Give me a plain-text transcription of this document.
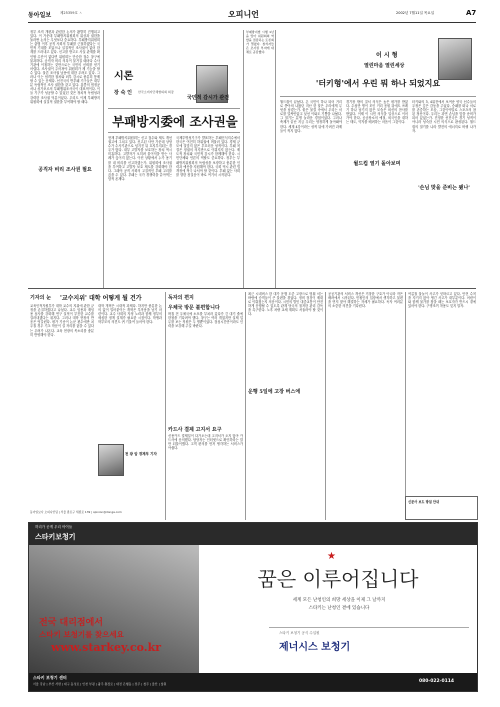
동아일보	제25359호 ㅅ	오피니언	2002년 7월11일 목요일	A7
정부 조직 개편과 관련한 논의가 활발히 진행되고 있다. 이 가운데 부패방지위원회의 위상과 권한을 둘러싼 논의는 무엇보다 중요하다. 부패방지위원회는 출범 이후 공직 사회의 부패를 근절하겠다는 국민적 기대를 모았으나 실질적인 조사권이 없어 한계를 드러내고 있다. 신고를 받고도 사실 관계를 확인할 수단이 없다면 위원회는 단순한 접수 창구에 불과하다. 공직자 비리 의혹이 불거질 때마다 수사기관에 이첩하는 것만으로는 국민의 신뢰를 얻기 어렵다. 조사권이 주어져야 위원회가 제 기능을 할 수 있다. 물론 조사권 남용에 대한 우려도 있다. 그러나 이는 엄격한 절차와 외부 감시로 충분히 통제할 수 있는 문제다. 선진국의 반부패 기구들은 대부분 독립적인 조사 권한을 갖고 있다. 홍콩의 염정공서나 싱가포르의 부패행위조사국이 대표적이다. 이들 기구가 성공할 수 있었던 것은 정치적 독립성과 강력한 조사권 덕분이었다. 우리도 이제 부패방지위원회에 실질적 권한을 부여해야 할 때다.
공직자 비리 조사권 필요
시론
장 숙 인 한국소비자단체협의회 회장
부패방지委에 조사권을
현재 부패방지위원회는 신고 접수와 제도 개선 권고에 그치고 있다. 신고된 사안 가운데 상당수가 수사기관으로 넘겨진 뒤 흐지부지되는 경우가 많다. 내부 고발자를 보호하는 장치 역시 미흡하다. 고발자가 오히려 불이익을 받는 사례가 끊이지 않는다. 이런 상황에서 누가 용기를 내 비리를 신고하겠는가. 위원회에 조사권을 부여하고 고발자 보호 제도를 강화해야 한다. 그래야 공직 사회의 고질적인 부패 고리를 끊을 수 있다. 부패는 국가 경쟁력을 갉아먹는 암적 존재다.
국제투명성기구가 발표하는 부패인식지수에서 한국은 여전히 하위권에 머물러 있다. 경제 규모에 걸맞지 않은 부끄러운 성적이다. 부패 척결은 정권의 의지만으로 이뤄지지 않는다. 제도적 장치와 국민적 감시가 함께해야 한다. 시민단체와 언론의 역할도 중요하다. 정부는 부패방지위원회의 독립성을 보장하고 충분한 인력과 예산을 지원해야 한다. 국회 역시 관련 법 개정에 적극 나서야 할 것이다. 부패 없는 사회를 향한 첫걸음이 바로 여기서 시작된다.
국민적 감시가 관건
부패방지법 시행 1년을 맞아 위원회의 역할을 점검하는 토론회가 열렸다. 참석자들은 조사권 부여에 대체로 공감했다.	이 시 형
열린마음 열린세상
'터키형'에서 우린 뭐 하나 되었지요
월드컵이 끝났다. 온 국민이 하나 되어 거리로 쏟아져 나왔던 지난 한 달은 우리에게 무엇을 남겼는가. 붉은 물결 속에서 우리는 서로를 얼싸안았고 낯선 이와도 기쁨을 나눴다. 그 열기는 분명 놀라운 경험이었다. 그러나 축제가 끝난 지금 우리는 냉정하게 돌아봐야 한다. 세계 4강이라는 성적 뒤에 가려진 과제들이 적지 않다.
월드컵 열기 돌아보며
경기장 밖의 질서 의식은 높은 평가를 받았다. 수십만 명이 모인 거리 응원 뒤에도 쓰레기 하나 남기지 않은 모습은 외신의 찬사를 받았다. 이제 이 시민 의식을 일상으로 이어가야 한다. 공공장소의 예절, 외국인을 대하는 태도, 약자를 배려하는 마음이 그것이다.
'손님 맞을 준비는 됐나'
터키와의 3, 4위전에서 보여준 양국 선수들의 우정은 깊은 감동을 주었다. 승패를 떠나 서로를 존중하는 모습, 그것이야말로 스포츠의 참된 정신이다. 우리는 과연 손님을 맞을 준비가 되어 있었는가. 진정한 선진국은 경기 성적이 아니라 성숙한 시민 의식으로 완성된다. 월드컵의 열기를 나라 발전의 에너지로 바꿔 나가자.
기자의 눈 '교수지위' 대학 어떻게 될 건가
교육인적자원부가 대학 교수의 지위에 관한 규정을 손질하겠다고 나섰다. 교수 임용과 재임용 심사를 강화해 연구 실적이 부진한 교수를 걸러내겠다는 취지다. 그러나 대학 현장의 반응은 엇갈린다. 평가 기준이 논문 편수에만 치우칠 경우 기초 학문이 설 자리를 잃을 수 있다는 우려가 나온다. 교육 현장의 목소리를 충분히 반영해야 한다.
대학 개혁은 시대적 과제다. 하지만 충분한 논의 없이 밀어붙이는 개혁은 부작용을 낳기 마련이다. 교수 사회의 자정 노력과 함께 정부의 세심한 정책 설계가 필요한 시점이다. 학생과 학부모의 의견도 귀 기울여 들어야 한다.
천 광 암 경제부 기자
독자의 편지
우체국 방문 불편합니다
며칠 전 우체국에 소포를 부치러 갔다가 긴 대기 줄에 한참을 기다려야 했다. 창구는 여러 개였지만 실제 업무를 보는 직원은 두 명뿐이었다. 점심시간만이라도 인력을 보강해 주길 바란다.
카드사 결제 고지서 요구
신용카드 결제일이 다가오는데 고지서가 오지 않아 카드사에 문의했다. 담당자는 인터넷으로 확인하라는 말만 되풀이했다. 고객 편의를 먼저 생각하는 서비스가 아쉽다.
최근 시내버스 한 대가 운행 도중 고장으로 멈춰 서는 바람에 승객들이 큰 불편을 겪었다. 정비 점검이 제대로 이뤄졌는지 의문이다. 시민의 발인 대중교통이 안전하게 운행될 수 있도록 관계 당국의 철저한 관리 감독을 촉구한다. 노후 차량 교체 계획도 서둘러야 할 것이다.
운행 5일에 고장 버스에
공공기관의 서비스 개선은 거창한 구호가 아니라 작은 배려에서 시작된다. 민원인의 입장에서 생각하고 불편을 먼저 찾아 해결하는 자세가 필요하다. 독자 여러분의 소중한 의견을 기다린다.
여름철 물놀이 사고가 잇따르고 있다. 안전 수칙을 지키지 않아 생긴 사고가 대부분이다. 어린이와 함께 물가를 찾을 때는 보호자가 반드시 곁에 있어야 한다. 구명조끼 착용도 잊지 말자.
신문사 보도 방침 안내
동아일보사 오피니언팀 | 서울 종로구 세종로 139 | opinion@donga.com
허리가 곧게 우리 아이들
스타키보청기
전국 대리점에서
스타키 보청기를 찾으세요
www.starkey.co.kr
꿈은 이루어집니다
★
세계 모든 난청인의 희망 세상을 이제 그 날까지
스타키는 난청인 곁에 있습니다
스타키 보청기 공식 수입원
제너시스 보청기
스타키 보청기 센터
서울 강남 | 부산 서면 | 대구 동성로 | 인천 부평 | 광주 충장로 | 대전 은행동 | 전주 | 청주 | 울산 | 창원	080-022-0114
